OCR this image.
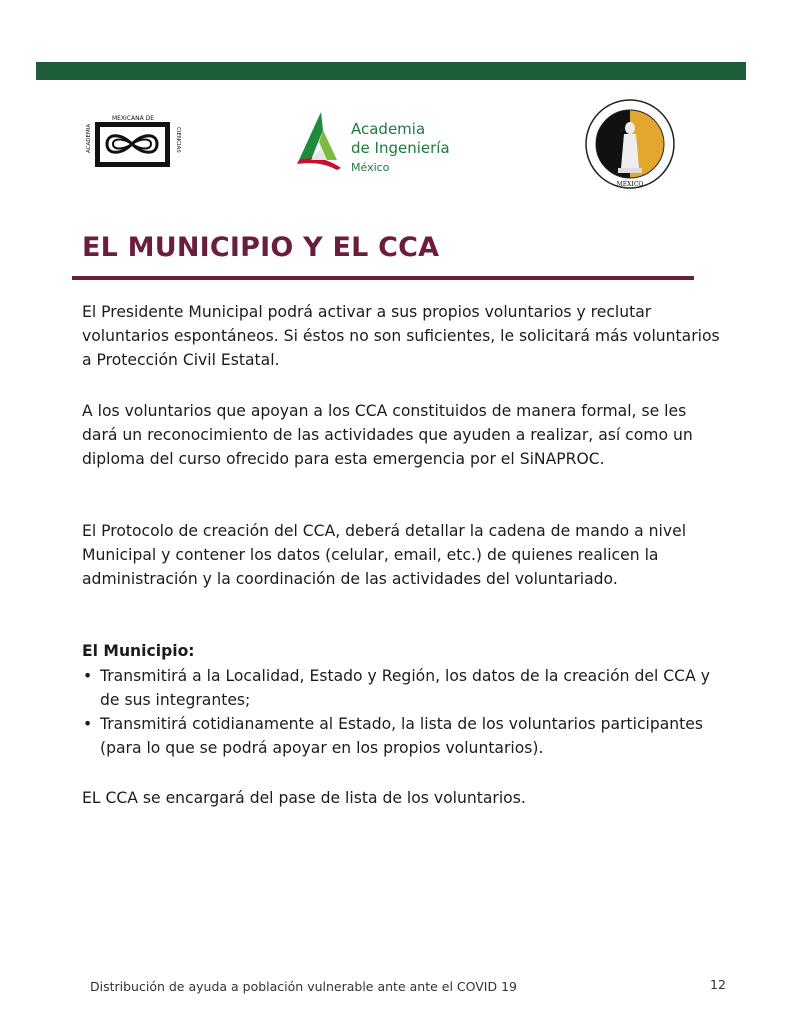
MEXICANA DE
ACADEMIA	CIENCIAS	Academia
de Ingeniería México
MÉXICO
EL MUNICIPIO Y EL CCA

El Presidente Municipal podrá activar a sus propios voluntarios y reclutar voluntarios espontáneos. Si éstos no son suficientes, le solicitará más voluntarios a Protección Civil Estatal.

A los voluntarios que apoyan a los CCA constituidos de manera formal, se les dará un reconocimiento de las actividades que ayuden a realizar, así como un diploma del curso ofrecido para esta emergencia por el SiNAPROC.

El Protocolo de creación del CCA, deberá detallar la cadena de mando a nivel Municipal y contener los datos (celular, email, etc.) de quienes realicen la administración y la coordinación de las actividades del voluntariado.

El Municipio:

• Transmitirá a la Localidad, Estado y Región, los datos de la creación del CCA y de sus integrantes;
• Transmitirá cotidianamente al Estado, la lista de los voluntarios participantes (para lo que se podrá apoyar en los propios voluntarios).

EL CCA se encargará del pase de lista de los voluntarios.

Distribución de ayuda a población vulnerable ante ante el COVID 19	12
